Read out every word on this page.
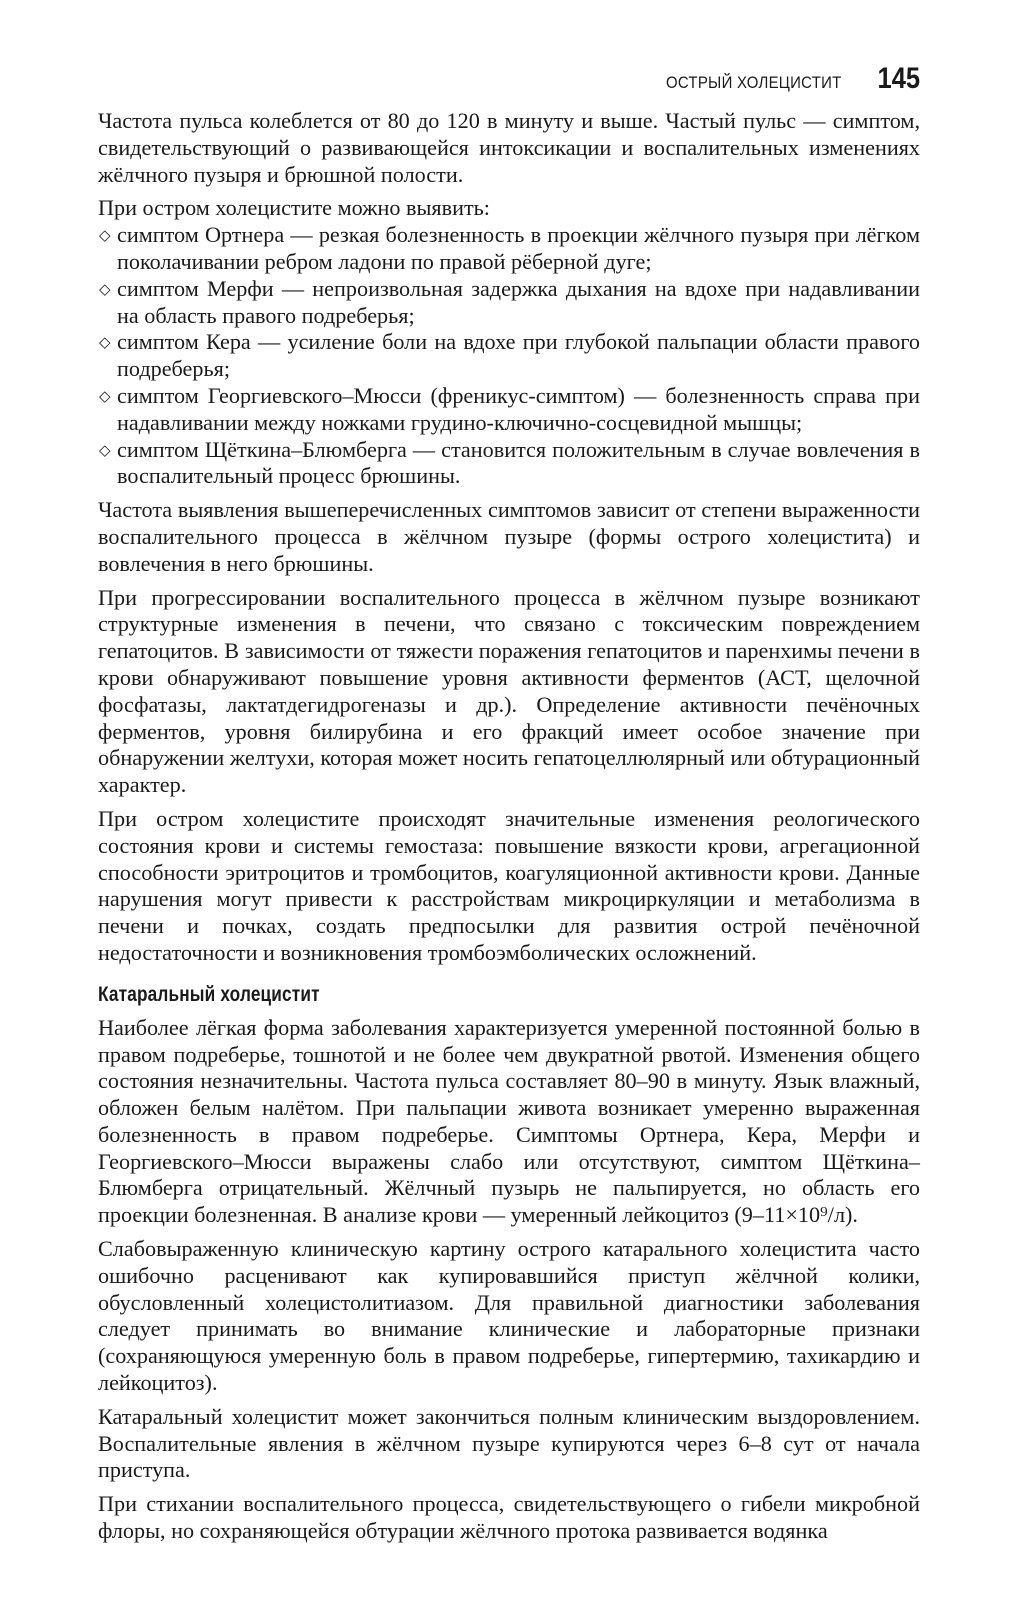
ОСТРЫЙ ХОЛЕЦИСТИТ 145

Частота пульса колеблется от 80 до 120 в минуту и выше. Частый пульс — симптом, свидетельствующий о развивающейся интоксикации и воспалительных изменениях жёлчного пузыря и брюшной полости.

При остром холецистите можно выявить:

◇ симптом Ортнера — резкая болезненность в проекции жёлчного пузыря при лёгком поколачивании ребром ладони по правой рёберной дуге;
◇ симптом Мерфи — непроизвольная задержка дыхания на вдохе при надавливании на область правого подреберья;
◇ симптом Кера — усиление боли на вдохе при глубокой пальпации области правого подреберья;
◇ симптом Георгиевского–Мюсси (френикус-симптом) — болезненность справа при надавливании между ножками грудино-ключично-сосцевидной мышцы;
◇ симптом Щёткина–Блюмберга — становится положительным в случае вовлечения в воспалительный процесс брюшины.

Частота выявления вышеперечисленных симптомов зависит от степени выраженности воспалительного процесса в жёлчном пузыре (формы острого холецистита) и вовлечения в него брюшины.

При прогрессировании воспалительного процесса в жёлчном пузыре возникают структурные изменения в печени, что связано с токсическим повреждением гепатоцитов. В зависимости от тяжести поражения гепатоцитов и паренхимы печени в крови обнаруживают повышение уровня активности ферментов (АСТ, щелочной фосфатазы, лактатдегидрогеназы и др.). Определение активности печёночных ферментов, уровня билирубина и его фракций имеет особое значение при обнаружении желтухи, которая может носить гепатоцеллюлярный или обтурационный характер.

При остром холецистите происходят значительные изменения реологического состояния крови и системы гемостаза: повышение вязкости крови, агрегационной способности эритроцитов и тромбоцитов, коагуляционной активности крови. Данные нарушения могут привести к расстройствам микроциркуляции и метаболизма в печени и почках, создать предпосылки для развития острой печёночной недостаточности и возникновения тромбоэмболических осложнений.

Катаральный холецистит

Наиболее лёгкая форма заболевания характеризуется умеренной постоянной болью в правом подреберье, тошнотой и не более чем двукратной рвотой. Изменения общего состояния незначительны. Частота пульса составляет 80–90 в минуту. Язык влажный, обложен белым налётом. При пальпации живота возникает умеренно выраженная болезненность в правом подреберье. Симптомы Ортнера, Кера, Мерфи и Георгиевского–Мюсси выражены слабо или отсутствуют, симптом Щёткина–Блюмберга отрицательный. Жёлчный пузырь не пальпируется, но область его проекции болезненная. В анализе крови — умеренный лейкоцитоз (9–11×10⁹/л).

Слабовыраженную клиническую картину острого катарального холецистита часто ошибочно расценивают как купировавшийся приступ жёлчной колики, обусловленный холецистолитиазом. Для правильной диагностики заболевания следует принимать во внимание клинические и лабораторные признаки (сохраняющуюся умеренную боль в правом подреберье, гипертермию, тахикардию и лейкоцитоз).

Катаральный холецистит может закончиться полным клиническим выздоровлением. Воспалительные явления в жёлчном пузыре купируются через 6–8 сут от начала приступа.

При стихании воспалительного процесса, свидетельствующего о гибели микробной флоры, но сохраняющейся обтурации жёлчного протока развивается водянка
